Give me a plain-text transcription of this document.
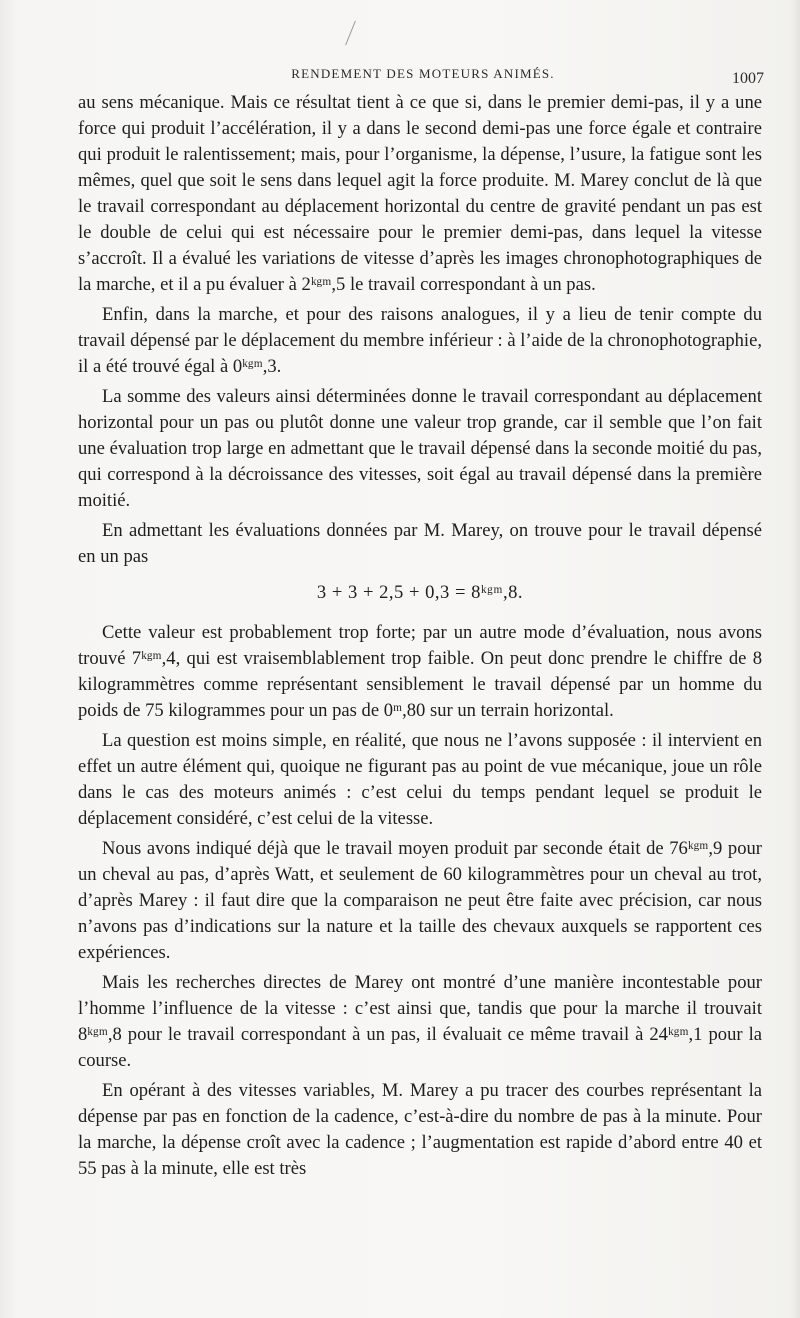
RENDEMENT DES MOTEURS ANIMÉS.	1007

au sens mécanique. Mais ce résultat tient à ce que si, dans le premier demi-pas, il y a une force qui produit l’accélération, il y a dans le second demi-pas une force égale et contraire qui produit le ralentissement; mais, pour l’organisme, la dépense, l’usure, la fatigue sont les mêmes, quel que soit le sens dans lequel agit la force produite. M. Marey conclut de là que le travail correspondant au déplacement horizontal du centre de gravité pendant un pas est le double de celui qui est nécessaire pour le premier demi-pas, dans lequel la vitesse s’accroît. Il a évalué les variations de vitesse d’après les images chronophotographiques de la marche, et il a pu évaluer à 2ᵏᵍᵐ,5 le travail correspondant à un pas.

Enfin, dans la marche, et pour des raisons analogues, il y a lieu de tenir compte du travail dépensé par le déplacement du membre inférieur : à l’aide de la chronophotographie, il a été trouvé égal à 0ᵏᵍᵐ,3.

La somme des valeurs ainsi déterminées donne le travail correspondant au déplacement horizontal pour un pas ou plutôt donne une valeur trop grande, car il semble que l’on fait une évaluation trop large en admettant que le travail dépensé dans la seconde moitié du pas, qui correspond à la décroissance des vitesses, soit égal au travail dépensé dans la première moitié.

En admettant les évaluations données par M. Marey, on trouve pour le travail dépensé en un pas

3 + 3 + 2,5 + 0,3 = 8ᵏᵍᵐ,8.

Cette valeur est probablement trop forte; par un autre mode d’évaluation, nous avons trouvé 7ᵏᵍᵐ,4, qui est vraisemblablement trop faible. On peut donc prendre le chiffre de 8 kilogrammètres comme représentant sensiblement le travail dépensé par un homme du poids de 75 kilogrammes pour un pas de 0ᵐ,80 sur un terrain horizontal.

La question est moins simple, en réalité, que nous ne l’avons supposée : il intervient en effet un autre élément qui, quoique ne figurant pas au point de vue mécanique, joue un rôle dans le cas des moteurs animés : c’est celui du temps pendant lequel se produit le déplacement considéré, c’est celui de la vitesse.

Nous avons indiqué déjà que le travail moyen produit par seconde était de 76ᵏᵍᵐ,9 pour un cheval au pas, d’après Watt, et seulement de 60 kilogrammètres pour un cheval au trot, d’après Marey : il faut dire que la comparaison ne peut être faite avec précision, car nous n’avons pas d’indications sur la nature et la taille des chevaux auxquels se rapportent ces expériences.

Mais les recherches directes de Marey ont montré d’une manière incontestable pour l’homme l’influence de la vitesse : c’est ainsi que, tandis que pour la marche il trouvait 8ᵏᵍᵐ,8 pour le travail correspondant à un pas, il évaluait ce même travail à 24ᵏᵍᵐ,1 pour la course.

En opérant à des vitesses variables, M. Marey a pu tracer des courbes représentant la dépense par pas en fonction de la cadence, c’est-à-dire du nombre de pas à la minute. Pour la marche, la dépense croît avec la cadence ; l’augmentation est rapide d’abord entre 40 et 55 pas à la minute, elle est très
